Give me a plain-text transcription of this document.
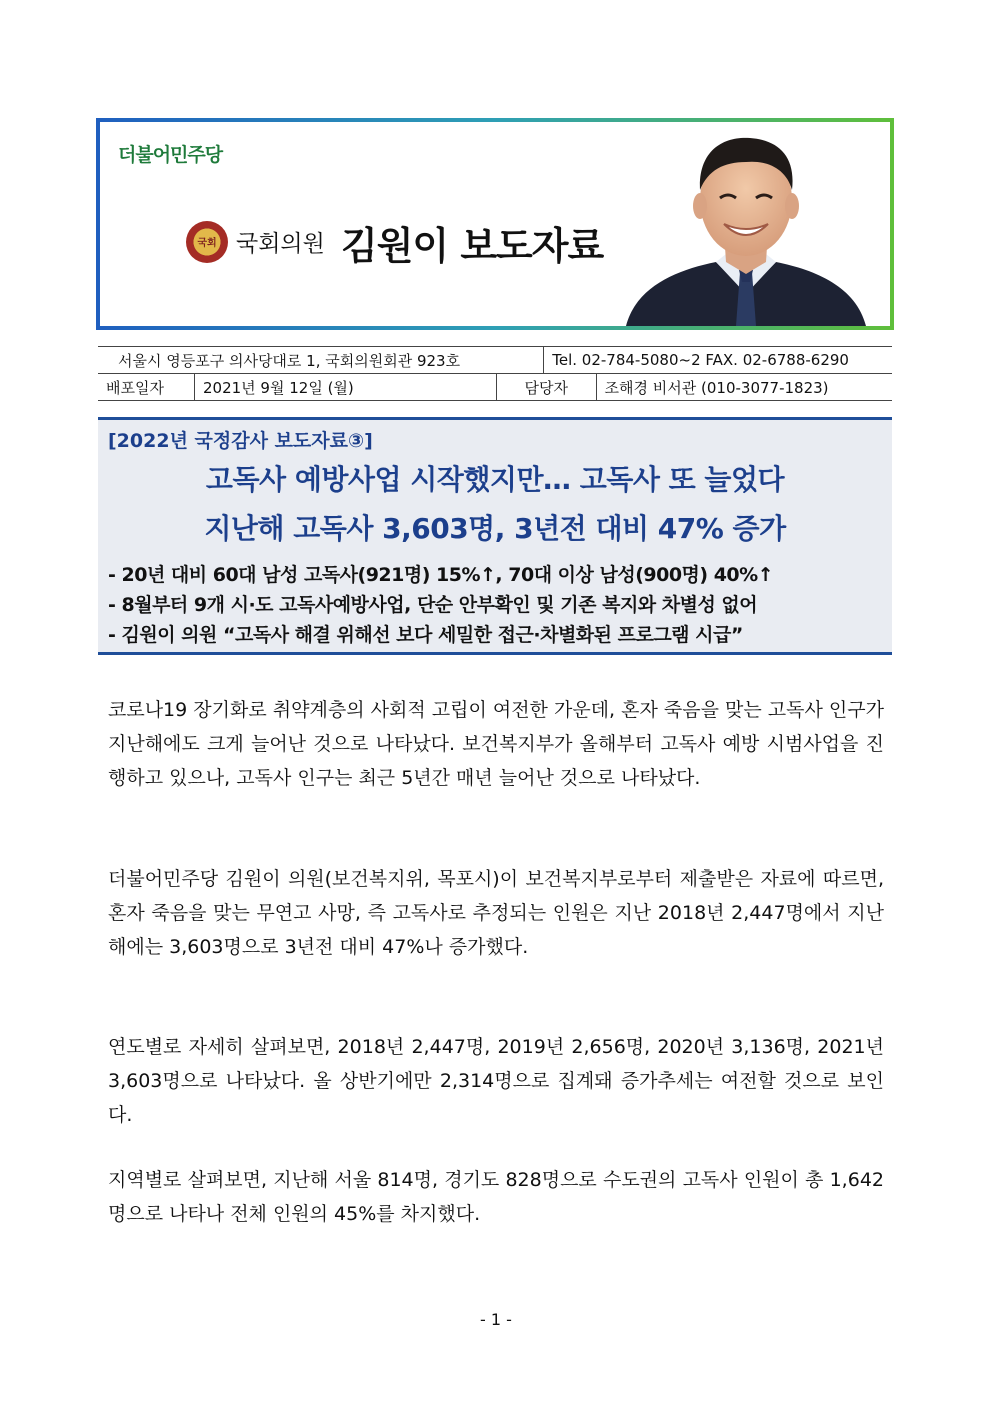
더불어민주당
국회 국회의원 김원이 보도자료
서울시 영등포구 의사당대로 1, 국회의원회관 923호			Tel. 02-784-5080~2 FAX. 02-6788-6290	
배포일자	2021년 9월 12일 (월)	담당자		조해경 비서관 (010-3077-1823)
[2022년 국정감사 보도자료③]
고독사 예방사업 시작했지만… 고독사 또 늘었다
지난해 고독사 3,603명, 3년전 대비 47% 증가
- 20년 대비 60대 남성 고독사(921명) 15%↑, 70대 이상 남성(900명) 40%↑
- 8월부터 9개 시·도 고독사예방사업, 단순 안부확인 및 기존 복지와 차별성 없어
- 김원이 의원 “고독사 해결 위해선 보다 세밀한 접근·차별화된 프로그램 시급”

코로나19 장기화로 취약계층의 사회적 고립이 여전한 가운데, 혼자 죽음을 맞는 고독사 인구가 지난해에도 크게 늘어난 것으로 나타났다. 보건복지부가 올해부터 고독사 예방 시범사업을 진행하고 있으나, 고독사 인구는 최근 5년간 매년 늘어난 것으로 나타났다.

더불어민주당 김원이 의원(보건복지위, 목포시)이 보건복지부로부터 제출받은 자료에 따르면, 혼자 죽음을 맞는 무연고 사망, 즉 고독사로 추정되는 인원은 지난 2018년 2,447명에서 지난해에는 3,603명으로 3년전 대비 47%나 증가했다.

연도별로 자세히 살펴보면, 2018년 2,447명, 2019년 2,656명, 2020년 3,136명, 2021년 3,603명으로 나타났다. 올 상반기에만 2,314명으로 집계돼 증가추세는 여전할 것으로 보인다.

지역별로 살펴보면, 지난해 서울 814명, 경기도 828명으로 수도권의 고독사 인원이 총 1,642명으로 나타나 전체 인원의 45%를 차지했다.

- 1 -
